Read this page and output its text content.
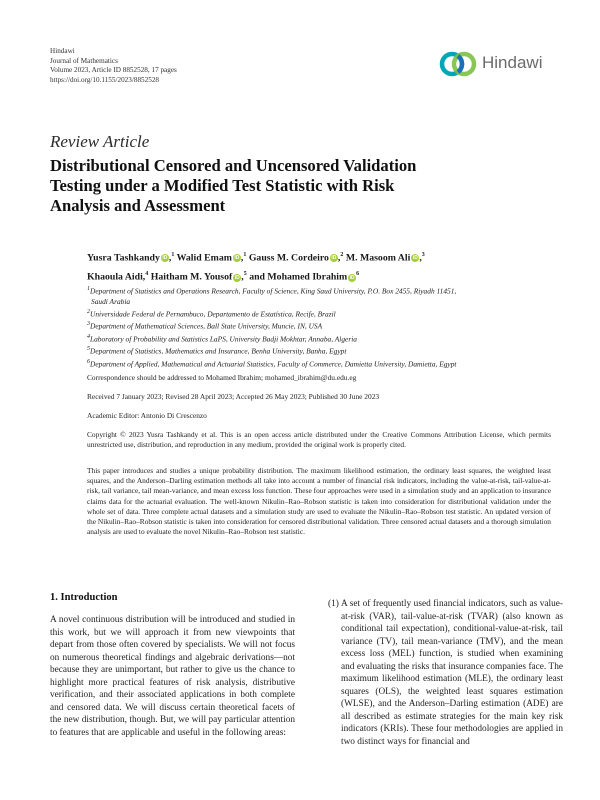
Hindawi
Journal of Mathematics
Volume 2023, Article ID 8852528, 17 pages
https://doi.org/10.1155/2023/8852528
Hindawi
Review Article
Distributional Censored and Uncensored Validation
Testing under a Modified Test Statistic with Risk
Analysis and Assessment
Yusra Tashkandy iD ,$^1$ Walid Emam iD ,$^1$ Gauss M. Cordeiro iD ,$^2$ M. Masoom Ali iD ,$^3$
Khaoula Aidi,$^4$ Haitham M. Yousof iD ,$^5$ and Mohamed Ibrahim $iD^6$
$^1$Department of Statistics and Operations Research, Faculty of Science, King Saud University, P.O. Box 2455, Riyadh 11451,
Saudi Arabia
$^2$Universidade Federal de Pernambuco, Departamento de Estatística, Recife, Brazil
$^3$Department of Mathematical Sciences, Ball State University, Muncie, IN, USA
$^4$Laboratory of Probability and Statistics LaPS, University Badji Mokhtar, Annaba, Algeria
$^5$Department of Statistics, Mathematics and Insurance, Benha University, Banha, Egypt
$^6$Department of Applied, Mathematical and Actuarial Statistics, Faculty of Commerce, Damietta University, Damietta, Egypt
Correspondence should be addressed to Mohamed Ibrahim; mohamed_ibrahim@du.edu.eg
Received 7 January 2023; Revised 28 April 2023; Accepted 26 May 2023; Published 30 June 2023
Academic Editor: Antonio Di Crescenzo
Copyright © 2023 Yusra Tashkandy et al. This is an open access article distributed under the Creative Commons Attribution License, which permits unrestricted use, distribution, and reproduction in any medium, provided the original work is properly cited.
This paper introduces and studies a unique probability distribution. The maximum likelihood estimation, the ordinary least squares, the weighted least squares, and the Anderson–Darling estimation methods all take into account a number of financial risk indicators, including the value-at-risk, tail-value-at-risk, tail variance, tail mean-variance, and mean excess loss function. These four approaches were used in a simulation study and an application to insurance claims data for the actuarial evaluation. The well-known Nikulin–Rao–Robson statistic is taken into consideration for distributional validation under the whole set of data. Three complete actual datasets and a simulation study are used to evaluate the Nikulin–Rao–Robson test statistic. An updated version of the Nikulin–Rao–Robson statistic is taken into consideration for censored distributional validation. Three censored actual datasets and a thorough simulation analysis are used to evaluate the novel Nikulin–Rao–Robson test statistic.
1. Introduction
A novel continuous distribution will be introduced and studied in this work, but we will approach it from new viewpoints that depart from those often covered by specialists. We will not focus on numerous theoretical findings and algebraic derivations—not because they are unimportant, but rather to give us the chance to highlight more practical features of risk analysis, distributive verification, and their associated applications in both complete and censored data. We will discuss certain theoretical facets of the new distribution, though. But, we will pay particular attention to features that are applicable and useful in the following areas:
(1) A set of frequently used financial indicators, such as value-at-risk (VAR), tail-value-at-risk (TVAR) (also known as conditional tail expectation), conditional-value-at-risk, tail variance (TV), tail mean-variance (TMV), and the mean excess loss (MEL) function, is studied when examining and evaluating the risks that insurance companies face. The maximum likelihood estimation (MLE), the ordinary least squares (OLS), the weighted least squares estimation (WLSE), and the Anderson–Darling estimation (ADE) are all described as estimate strategies for the main key risk indicators (KRIs). These four methodologies are applied in two distinct ways for financial and
